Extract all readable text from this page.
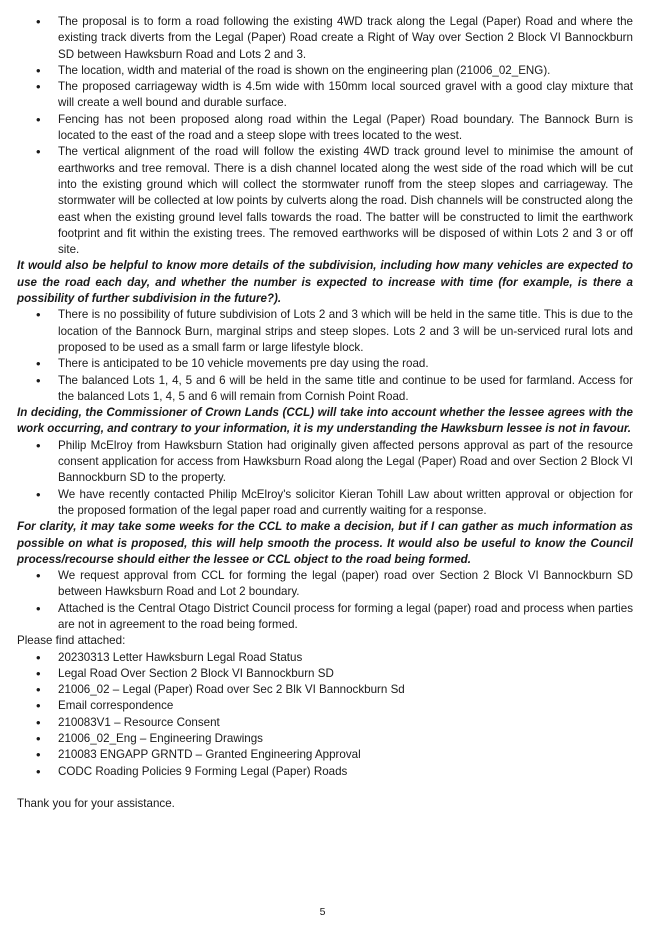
• The proposal is to form a road following the existing 4WD track along the Legal (Paper) Road and where the existing track diverts from the Legal (Paper) Road create a Right of Way over Section 2 Block VI Bannockburn SD between Hawksburn Road and Lots 2 and 3.
• The location, width and material of the road is shown on the engineering plan (21006_02_ENG).
• The proposed carriageway width is 4.5m wide with 150mm local sourced gravel with a good clay mixture that will create a well bound and durable surface.
• Fencing has not been proposed along road within the Legal (Paper) Road boundary. The Bannock Burn is located to the east of the road and a steep slope with trees located to the west.
• The vertical alignment of the road will follow the existing 4WD track ground level to minimise the amount of earthworks and tree removal. There is a dish channel located along the west side of the road which will be cut into the existing ground which will collect the stormwater runoff from the steep slopes and carriageway. The stormwater will be collected at low points by culverts along the road. Dish channels will be constructed along the east when the existing ground level falls towards the road. The batter will be constructed to limit the earthwork footprint and fit within the existing trees. The removed earthworks will be disposed of within Lots 2 and 3 or off site.

It would also be helpful to know more details of the subdivision, including how many vehicles are expected to use the road each day, and whether the number is expected to increase with time (for example, is there a possibility of further subdivision in the future?).

• There is no possibility of future subdivision of Lots 2 and 3 which will be held in the same title. This is due to the location of the Bannock Burn, marginal strips and steep slopes. Lots 2 and 3 will be un-serviced rural lots and proposed to be used as a small farm or large lifestyle block.
• There is anticipated to be 10 vehicle movements pre day using the road.
• The balanced Lots 1, 4, 5 and 6 will be held in the same title and continue to be used for farmland. Access for the balanced Lots 1, 4, 5 and 6 will remain from Cornish Point Road.

In deciding, the Commissioner of Crown Lands (CCL) will take into account whether the lessee agrees with the work occurring, and contrary to your information, it is my understanding the Hawksburn lessee is not in favour.

• Philip McElroy from Hawksburn Station had originally given affected persons approval as part of the resource consent application for access from Hawksburn Road along the Legal (Paper) Road and over Section 2 Block VI Bannockburn SD to the property.
• We have recently contacted Philip McElroy's solicitor Kieran Tohill Law about written approval or objection for the proposed formation of the legal paper road and currently waiting for a response.

For clarity, it may take some weeks for the CCL to make a decision, but if I can gather as much information as possible on what is proposed, this will help smooth the process. It would also be useful to know the Council process/recourse should either the lessee or CCL object to the road being formed.

• We request approval from CCL for forming the legal (paper) road over Section 2 Block VI Bannockburn SD between Hawksburn Road and Lot 2 boundary.
• Attached is the Central Otago District Council process for forming a legal (paper) road and process when parties are not in agreement to the road being formed.

Please find attached:

• 20230313 Letter Hawksburn Legal Road Status
• Legal Road Over Section 2 Block VI Bannockburn SD
• 21006_02 – Legal (Paper) Road over Sec 2 Blk VI Bannockburn Sd
• Email correspondence
• 210083V1 – Resource Consent
• 21006_02_Eng – Engineering Drawings
• 210083 ENGAPP GRNTD – Granted Engineering Approval
• CODC Roading Policies 9 Forming Legal (Paper) Roads

Thank you for your assistance.

5
